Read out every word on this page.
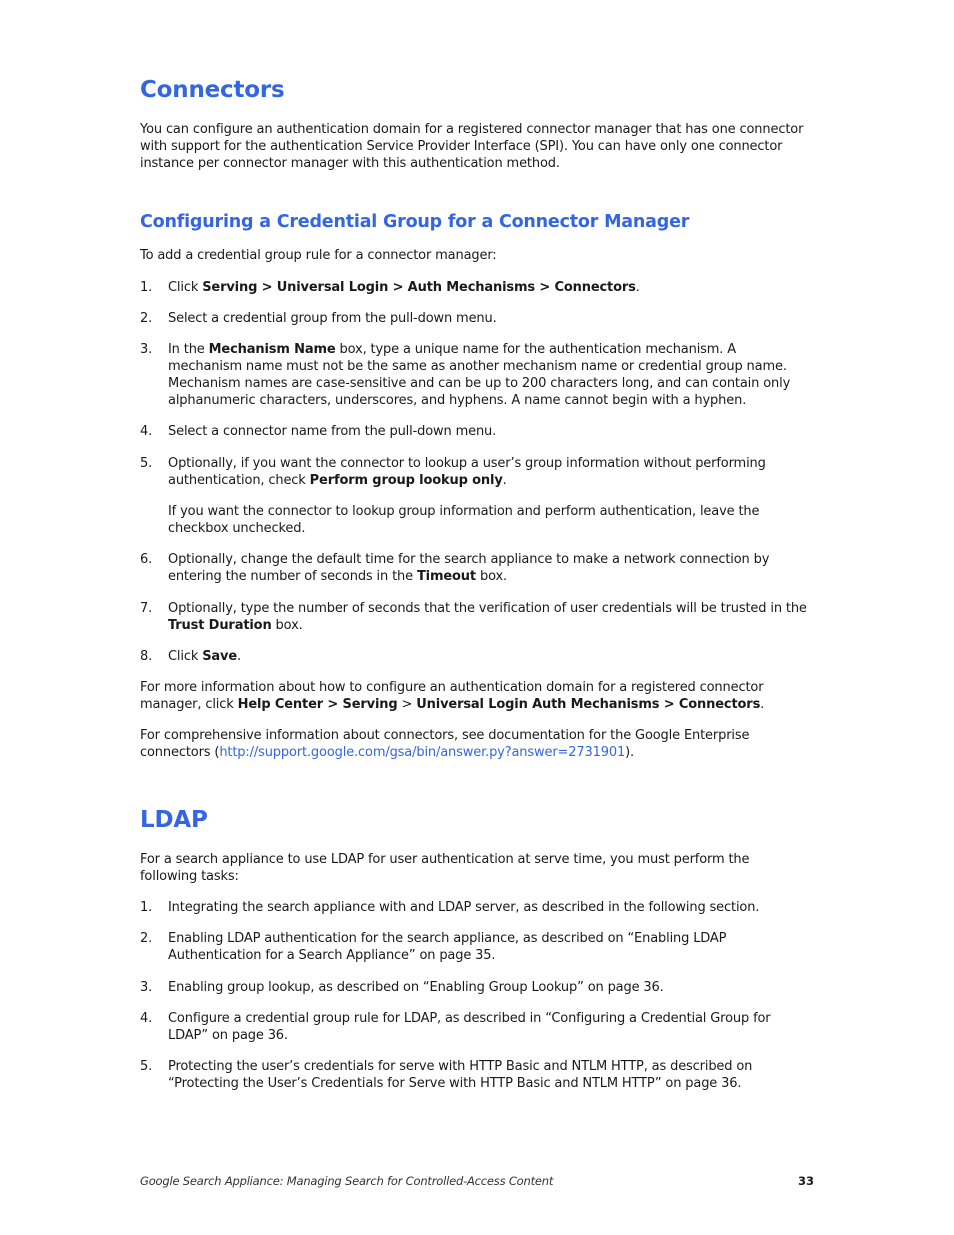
Connectors

You can configure an authentication domain for a registered connector manager that has one connector with support for the authentication Service Provider Interface (SPI). You can have only one connector instance per connector manager with this authentication method.

Configuring a Credential Group for a Connector Manager

To add a credential group rule for a connector manager:

1.	Click Serving > Universal Login > Auth Mechanisms > Connectors.
2.	Select a credential group from the pull-down menu.
3.	In the Mechanism Name box, type a unique name for the authentication mechanism. A mechanism name must not be the same as another mechanism name or credential group name. Mechanism names are case-sensitive and can be up to 200 characters long, and can contain only alphanumeric characters, underscores, and hyphens. A name cannot begin with a hyphen.
4.	Select a connector name from the pull-down menu.
5.	Optionally, if you want the connector to lookup a user’s group information without performing authentication, check Perform group lookup only.
If you want the connector to lookup group information and perform authentication, leave the checkbox unchecked.
6.	Optionally, change the default time for the search appliance to make a network connection by entering the number of seconds in the Timeout box.
7.	Optionally, type the number of seconds that the verification of user credentials will be trusted in the Trust Duration box.
8.	Click Save.

For more information about how to configure an authentication domain for a registered connector manager, click Help Center > Serving > Universal Login Auth Mechanisms > Connectors.

For comprehensive information about connectors, see documentation for the Google Enterprise connectors (http://support.google.com/gsa/bin/answer.py?answer=2731901).

LDAP

For a search appliance to use LDAP for user authentication at serve time, you must perform the following tasks:

1.	Integrating the search appliance with and LDAP server, as described in the following section.
2.	Enabling LDAP authentication for the search appliance, as described on “Enabling LDAP Authentication for a Search Appliance” on page 35.
3.	Enabling group lookup, as described on “Enabling Group Lookup” on page 36.
4.	Configure a credential group rule for LDAP, as described in “Configuring a Credential Group for LDAP” on page 36.
5.	Protecting the user’s credentials for serve with HTTP Basic and NTLM HTTP, as described on “Protecting the User’s Credentials for Serve with HTTP Basic and NTLM HTTP” on page 36.
Google Search Appliance: Managing Search for Controlled-Access Content	33
